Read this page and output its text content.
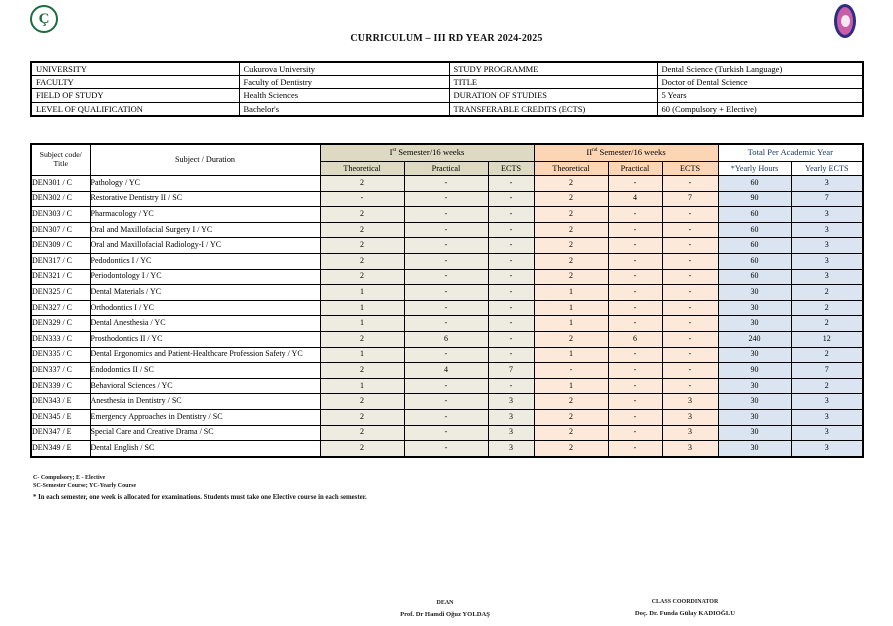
Ç
CURRICULUM – III RD YEAR 2024-2025
UNIVERSITY	Cukurova University	STUDY PROGRAMME	Dental Science (Turkish Language)
FACULTY	Faculty of Dentistry	TITLE	Doctor of Dental Science
FIELD OF STUDY	Health Sciences	DURATION OF STUDIES	5 Years
LEVEL OF QUALIFICATION	Bachelor's	TRANSFERABLE CREDITS (ECTS)	60 (Compulsory + Elective)
Subject code/
Title	Subject / Duration	Ist Semester/16 weeks			IInd Semester/16 weeks			Total Per Academic Year	
		Theoretical	Practical	ECTS	Theoretical	Practical	ECTS	*Yearly Hours	Yearly ECTS
DEN301 / C	Pathology / YC	2	-	-	2	-	-	60	3
DEN302 / C	Restorative Dentistry II / SC	-	-	-	2	4	7	90	7
DEN303 / C	Pharmacology / YC	2	-	-	2	-	-	60	3
DEN307 / C	Oral and Maxillofacial Surgery I / YC	2	-	-	2	-	-	60	3
DEN309 / C	Oral and Maxillofacial Radiology-I / YC	2	-	-	2	-	-	60	3
DEN317 / C	Pedodontics I / YC	2	-	-	2	-	-	60	3
DEN321 / C	Periodontology I / YC	2	-	-	2	-	-	60	3
DEN325 / C	Dental Materials / YC	1	-	-	1	-	-	30	2
DEN327 / C	Orthodontics I / YC	1	-	-	1	-	-	30	2
DEN329 / C	Dental Anesthesia / YC	1	-	-	1	-	-	30	2
DEN333 / C	Prosthodontics II / YC	2	6	-	2	6	-	240	12
DEN335 / C	Dental Ergonomics and Patient-Healthcare Profession Safety / YC	1	-	-	1	-	-	30	2
DEN337 / C	Endodontics II / SC	2	4	7	-	-	-	90	7
DEN339 / C	Behavioral Sciences / YC	1	-	-	1	-	-	30	2
DEN343 / E	Anesthesia in Dentistry / SC	2	-	3	2	-	3	30	3
DEN345 / E	Emergency Approaches in Dentistry / SC	2	-	3	2	-	3	30	3
DEN347 / E	Special Care and Creative Drama / SC	2	-	3	2	-	3	30	3
DEN349 / E	Dental English / SC	2	-	3	2	-	3	30	3
C- Compulsory; E - Elective
SC-Semester Course; YC-Yearly Course
* In each semester, one week is allocated for examinations. Students must take one Elective course in each semester.
DEAN
Prof. Dr Hamdi Oğuz YOLDAŞ
CLASS COORDINATOR
Doç. Dr. Funda Gülay KADIOĞLU
